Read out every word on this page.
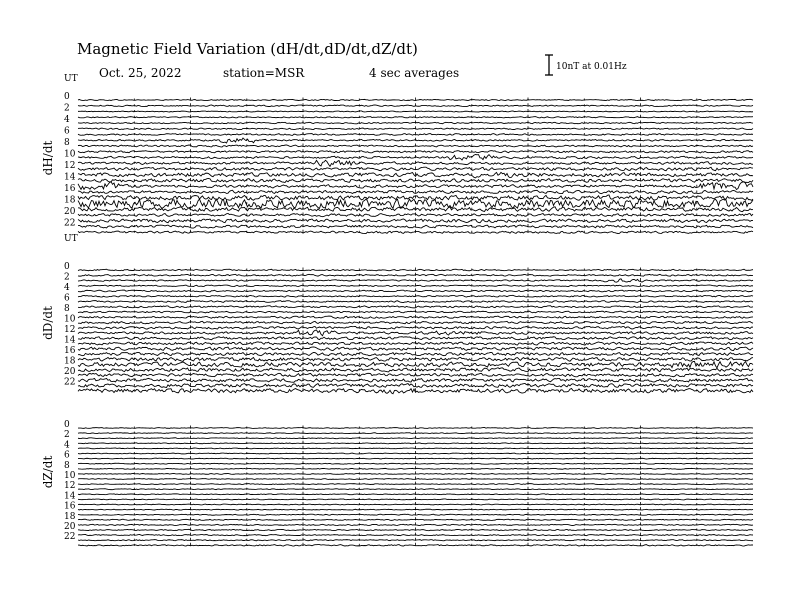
Magnetic Field Variation (dH/dt,dD/dt,dZ/dt)
Oct. 25, 2022	station=MSR	4 sec averages	10nT at 0.01Hz
UT
dH/dt
0
2
4
6
8
10
12
14
16
18
20
22
UT
dD/dt
0
2
4
6
8
10
12
14
16
18
20
22
dZ/dt
0
2
4
6
8
10
12
14
16
18
20
22
